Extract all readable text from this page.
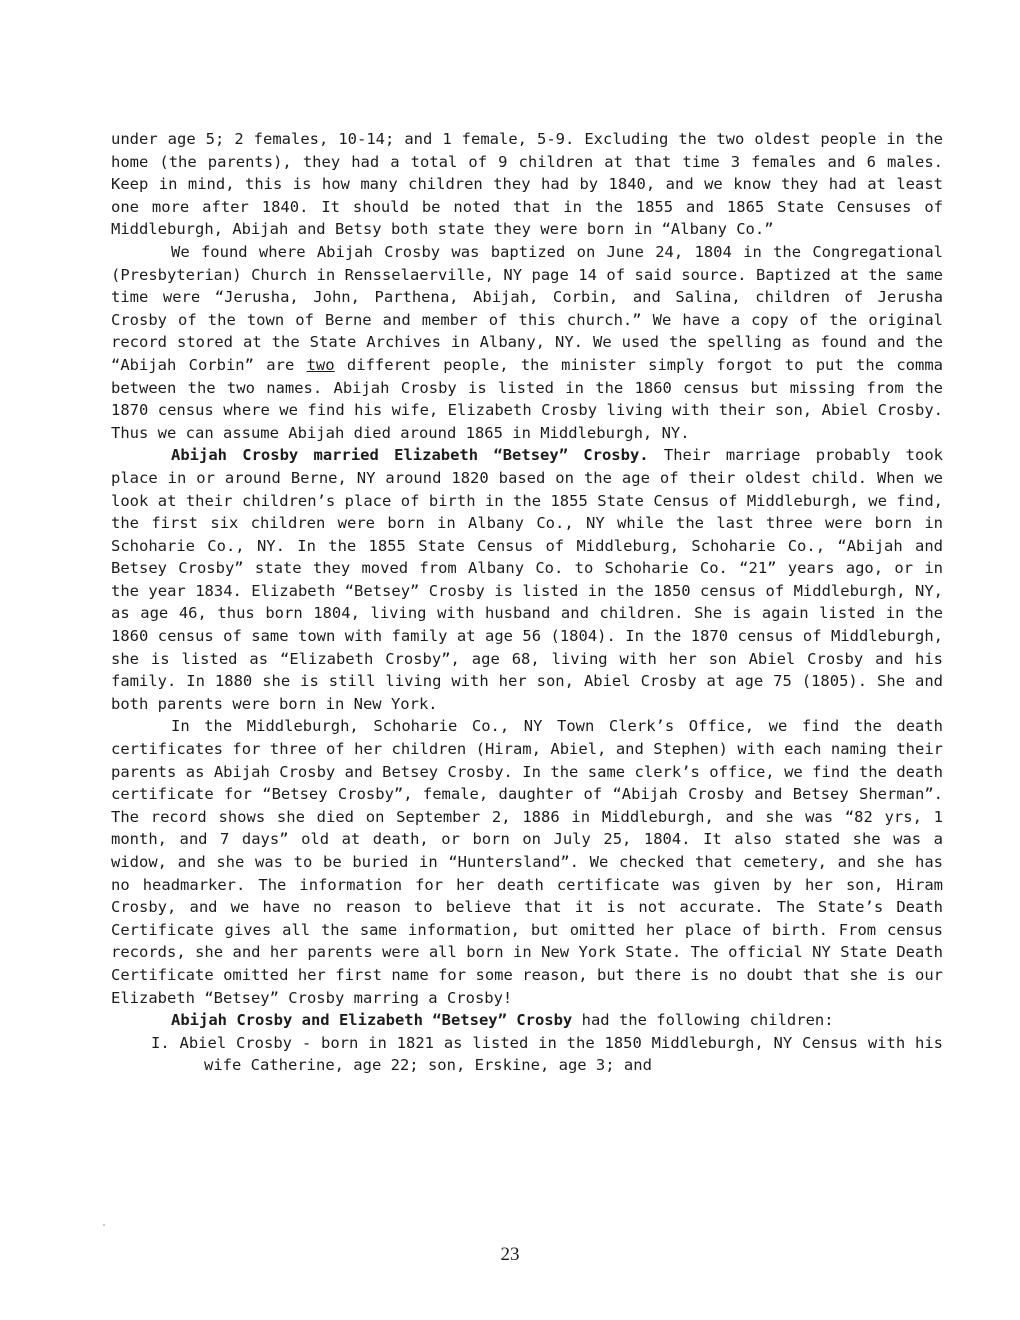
under age 5; 2 females, 10-14; and 1 female, 5-9. Excluding the two oldest people in the home (the parents), they had a total of 9 children at that time 3 females and 6 males. Keep in mind, this is how many children they had by 1840, and we know they had at least one more after 1840. It should be noted that in the 1855 and 1865 State Censuses of Middleburgh, Abijah and Betsy both state they were born in “Albany Co.”

We found where Abijah Crosby was baptized on June 24, 1804 in the Congregational (Presbyterian) Church in Rensselaerville, NY page 14 of said source. Baptized at the same time were “Jerusha, John, Parthena, Abijah, Corbin, and Salina, children of Jerusha Crosby of the town of Berne and member of this church.” We have a copy of the original record stored at the State Archives in Albany, NY. We used the spelling as found and the “Abijah Corbin” are two different people, the minister simply forgot to put the comma between the two names. Abijah Crosby is listed in the 1860 census but missing from the 1870 census where we find his wife, Elizabeth Crosby living with their son, Abiel Crosby. Thus we can assume Abijah died around 1865 in Middleburgh, NY.

Abijah Crosby married Elizabeth “Betsey” Crosby. Their marriage probably took place in or around Berne, NY around 1820 based on the age of their oldest child. When we look at their children’s place of birth in the 1855 State Census of Middleburgh, we find, the first six children were born in Albany Co., NY while the last three were born in Schoharie Co., NY. In the 1855 State Census of Middleburg, Schoharie Co., “Abijah and Betsey Crosby” state they moved from Albany Co. to Schoharie Co. “21” years ago, or in the year 1834. Elizabeth “Betsey” Crosby is listed in the 1850 census of Middleburgh, NY, as age 46, thus born 1804, living with husband and children. She is again listed in the 1860 census of same town with family at age 56 (1804). In the 1870 census of Middleburgh, she is listed as “Elizabeth Crosby”, age 68, living with her son Abiel Crosby and his family. In 1880 she is still living with her son, Abiel Crosby at age 75 (1805). She and both parents were born in New York.

In the Middleburgh, Schoharie Co., NY Town Clerk’s Office, we find the death certificates for three of her children (Hiram, Abiel, and Stephen) with each naming their parents as Abijah Crosby and Betsey Crosby. In the same clerk’s office, we find the death certificate for “Betsey Crosby”, female, daughter of “Abijah Crosby and Betsey Sherman”. The record shows she died on September 2, 1886 in Middleburgh, and she was “82 yrs, 1 month, and 7 days” old at death, or born on July 25, 1804. It also stated she was a widow, and she was to be buried in “Huntersland”. We checked that cemetery, and she has no headmarker. The information for her death certificate was given by her son, Hiram Crosby, and we have no reason to believe that it is not accurate. The State’s Death Certificate gives all the same information, but omitted her place of birth. From census records, she and her parents were all born in New York State. The official NY State Death Certificate omitted her first name for some reason, but there is no doubt that she is our Elizabeth “Betsey” Crosby marring a Crosby!

Abijah Crosby and Elizabeth “Betsey” Crosby had the following children:

I. Abiel Crosby - born in 1821 as listed in the 1850 Middleburgh, NY Census with his wife Catherine, age 22; son, Erskine, age 3; and

23
